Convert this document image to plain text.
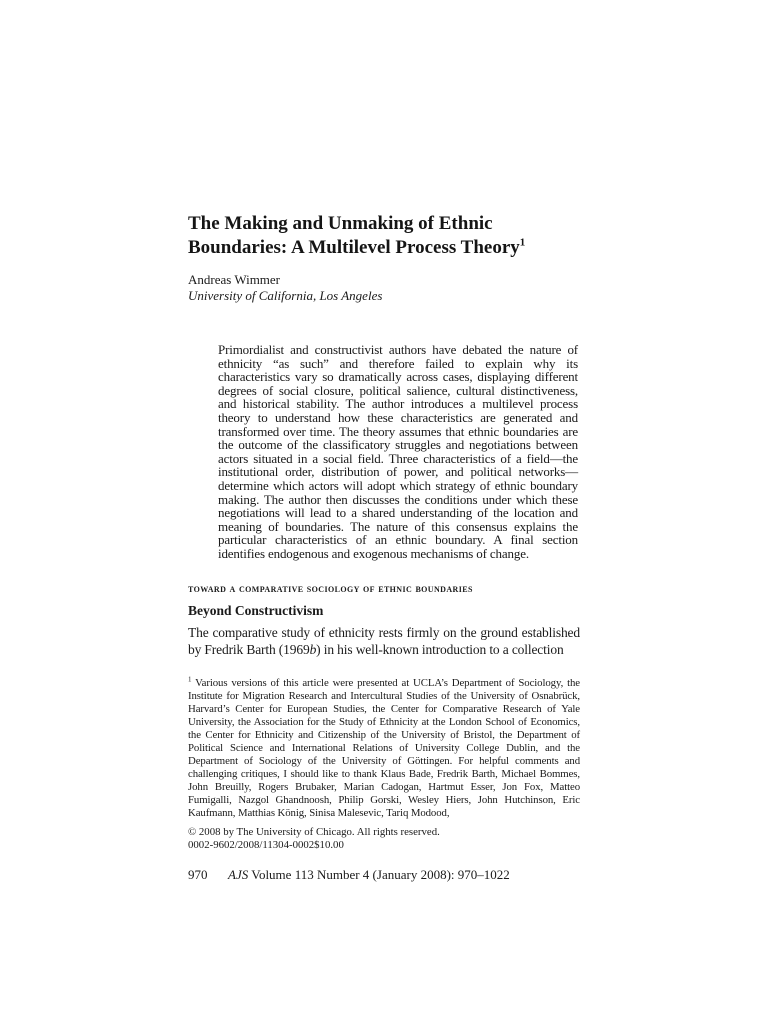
The Making and Unmaking of Ethnic Boundaries: A Multilevel Process Theory$^1$
Andreas Wimmer
University of California, Los Angeles

Primordialist and constructivist authors have debated the nature of ethnicity “as such” and therefore failed to explain why its characteristics vary so dramatically across cases, displaying different degrees of social closure, political salience, cultural distinctiveness, and historical stability. The author introduces a multilevel process theory to understand how these characteristics are generated and transformed over time. The theory assumes that ethnic boundaries are the outcome of the classificatory struggles and negotiations between actors situated in a social field. Three characteristics of a field—the institutional order, distribution of power, and political networks—determine which actors will adopt which strategy of ethnic boundary making. The author then discusses the conditions under which these negotiations will lead to a shared understanding of the location and meaning of boundaries. The nature of this consensus explains the particular characteristics of an ethnic boundary. A final section identifies endogenous and exogenous mechanisms of change.

toward a comparative sociology of ethnic boundaries
Beyond Constructivism

The comparative study of ethnicity rests firmly on the ground established by Fredrik Barth (1969b) in his well-known introduction to a collection

$^1$ Various versions of this article were presented at UCLA’s Department of Sociology, the Institute for Migration Research and Intercultural Studies of the University of Osnabrück, Harvard’s Center for European Studies, the Center for Comparative Research of Yale University, the Association for the Study of Ethnicity at the London School of Economics, the Center for Ethnicity and Citizenship of the University of Bristol, the Department of Political Science and International Relations of University College Dublin, and the Department of Sociology of the University of Göttingen. For helpful comments and challenging critiques, I should like to thank Klaus Bade, Fredrik Barth, Michael Bommes, John Breuilly, Rogers Brubaker, Marian Cadogan, Hartmut Esser, Jon Fox, Matteo Fumigalli, Nazgol Ghandnoosh, Philip Gorski, Wesley Hiers, John Hutchinson, Eric Kaufmann, Matthias König, Sinisa Malesevic, Tariq Modood,

© 2008 by The University of Chicago. All rights reserved.
0002-9602/2008/11304-0002$10.00
970 AJS Volume 113 Number 4 (January 2008): 970–1022
